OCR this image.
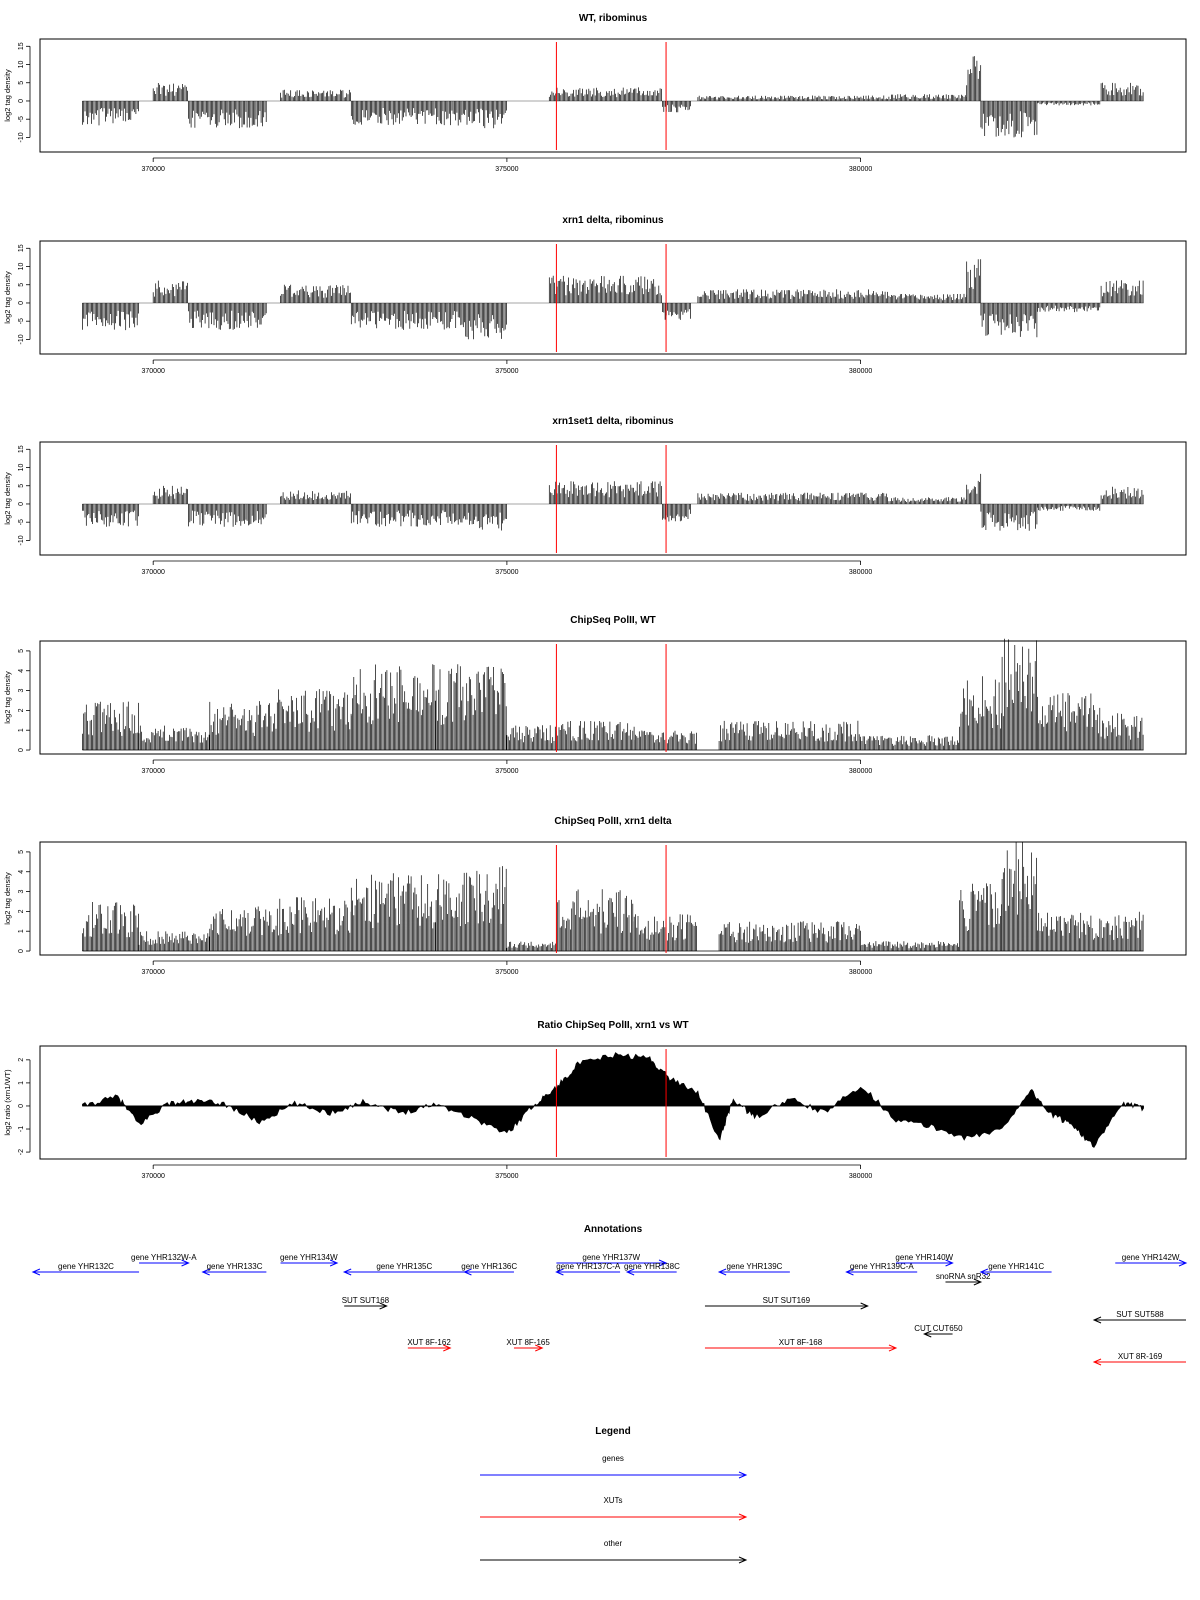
WT, ribominus
-10
-5
0
5
10
15
log2 tag density
370000	375000	380000
xrn1 delta, ribominus
-10
-5
0
5
10
15
log2 tag density
370000	375000	380000
xrn1set1 delta, ribominus
-10
-5
0
5
10
15
log2 tag density
370000	375000	380000
ChipSeq PolII, WT
0
1
2
3
4
5
log2 tag density
370000	375000	380000
ChipSeq PolII, xrn1 delta
0
1
2
3
4
5
log2 tag density
370000	375000	380000
Ratio ChipSeq PolII, xrn1 vs WT
-2
-1
0
1
2
log2 ratio (xrn1/WT)
370000	375000	380000
Annotations
gene YHR132C
gene YHR132W-A
gene YHR133C
gene YHR134W
gene YHR135C	gene YHR136C
gene YHR137W
gene YHR137C-A gene YHR138C	gene YHR139C	gene YHR139C-A
gene YHR140W
snoRNA snR32
gene YHR141C
gene YHR142W
SUT SUT168	SUT SUT169
SUT SUT588
CUT CUT650
XUT 8F-162	XUT 8F-165	XUT 8F-168
XUT 8R-169
Legend
genes
XUTs
other
